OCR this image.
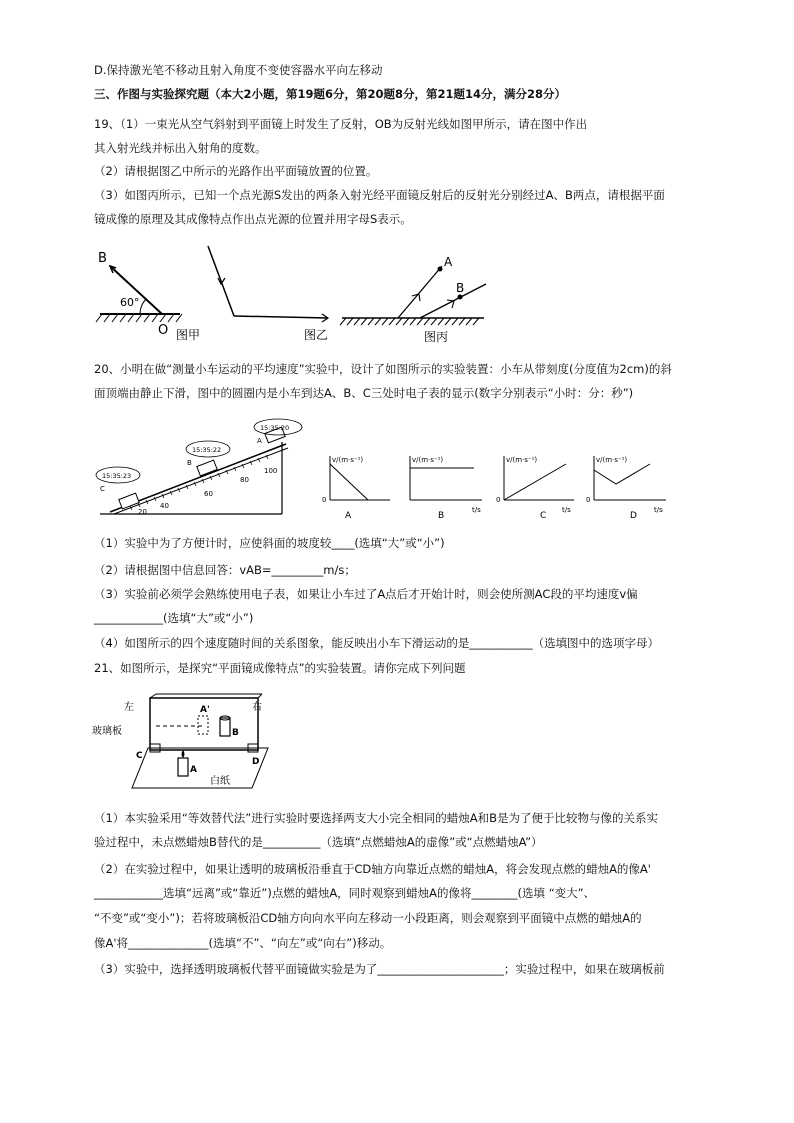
D.保持激光笔不移动且射入角度不变使容器水平向左移动
三、作图与实验探究题（本大2小题，第19题6分，第20题8分，第21题14分，满分28分）
19、（1）一束光从空气斜射到平面镜上时发生了反射，OB为反射光线如图甲所示，请在图中作出
其入射光线并标出入射角的度数。
（2）请根据图乙中所示的光路作出平面镜放置的位置。
（3）如图丙所示，已知一个点光源S发出的两条入射光经平面镜反射后的反射光分别经过A、B两点，请根据平面
镜成像的原理及其成像特点作出点光源的位置并用字母S表示。
B
60°
O 图甲	图乙
A
B
图丙
20、小明在做“测量小车运动的平均速度”实验中，设计了如图所示的实验装置：小车从带刻度(分度值为2cm)的斜
面顶端由静止下滑，图中的圆圈内是小车到达A、B、C三处时电子表的显示(数字分别表示“小时：分：秒”)
15:35:20
15:35:22
15:35:23
A
B
C
100
80
60
40
20
v/(m·s⁻¹)
0
A
v/(m·s⁻¹)
t/s
B
v/(m·s⁻¹)
0
t/s
C
v/(m·s⁻¹)
0
t/s
D
（1）实验中为了方便计时，应使斜面的坡度较____(选填“大”或“小”)
（2）请根据图中信息回答：vAB=_________m/s；
（3）实验前必须学会熟练使用电子表，如果让小车过了A点后才开始计时，则会使所测AC段的平均速度v偏
____________(选填“大”或“小”)
（4）如图所示的四个速度随时间的关系图象，能反映出小车下滑运动的是___________（选填图中的选项字母）
21、如图所示，是探究“平面镜成像特点”的实验装置。请你完成下列问题
左	右
玻璃板
A'
B
A
C
D
白纸
（1）本实验采用“等效替代法”进行实验时要选择两支大小完全相同的蜡烛A和B是为了便于比较物与像的关系实
验过程中，未点燃蜡烛B替代的是__________（选填“点燃蜡烛A的虚像”或“点燃蜡烛A”）
（2）在实验过程中，如果让透明的玻璃板沿垂直于CD轴方向靠近点燃的蜡烛A，将会发现点燃的蜡烛A的像A'
____________选填“远离”或“靠近”)点燃的蜡烛A，同时观察到蜡烛A的像将________(选填 “变大”、
“不变”或“变小”)；若将玻璃板沿CD轴方向向水平向左移动一小段距离，则会观察到平面镜中点燃的蜡烛A的
像A'将______________(选填“不”、“向左”或“向右”)移动。
（3）实验中，选择透明玻璃板代替平面镜做实验是为了______________________；实验过程中，如果在玻璃板前
